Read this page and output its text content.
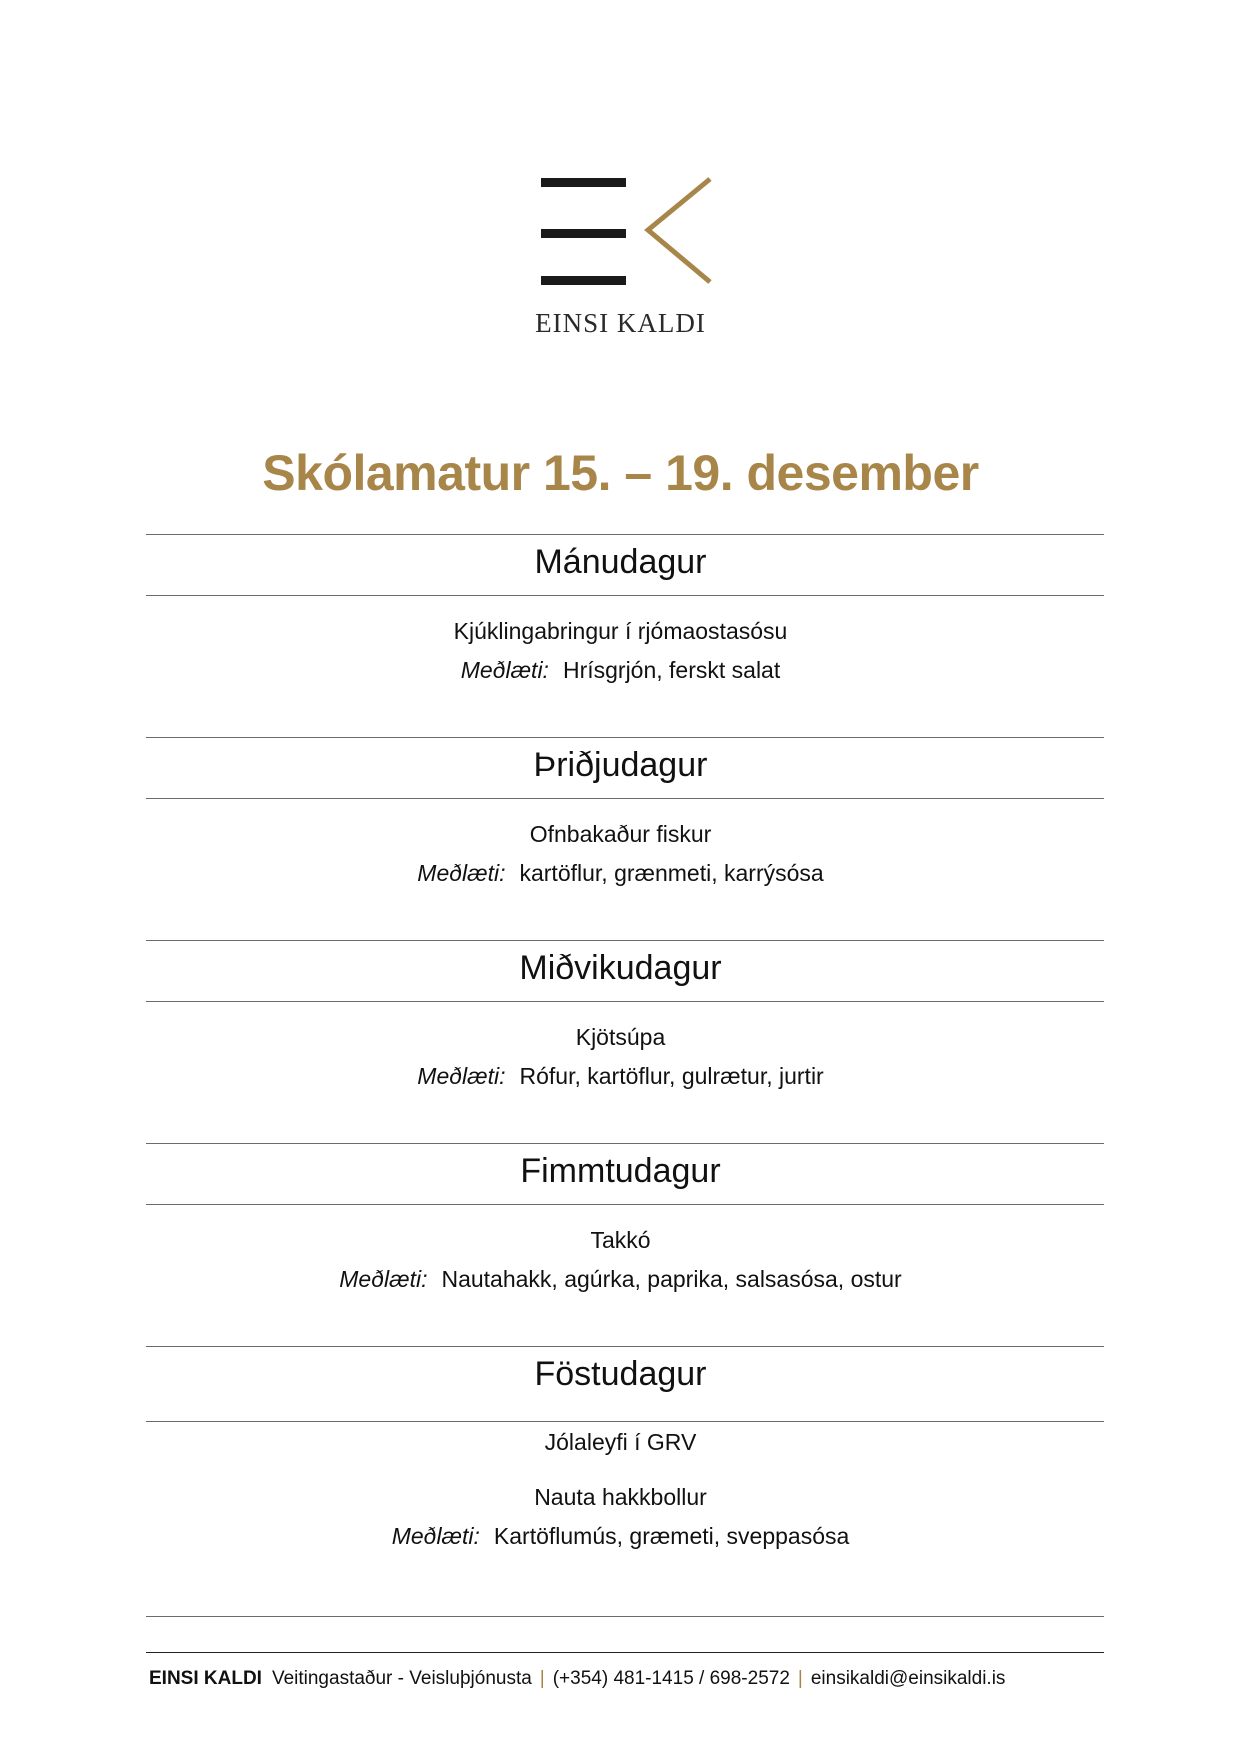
EINSI KALDI
Skólamatur 15. – 19. desember
Mánudagur
Kjúklingabringur í rjómaostasósu
Meðlæti: Hrísgrjón, ferskt salat
Þriðjudagur
Ofnbakaður fiskur
Meðlæti: kartöflur, grænmeti, karrýsósa
Miðvikudagur
Kjötsúpa
Meðlæti: Rófur, kartöflur, gulrætur, jurtir
Fimmtudagur
Takkó
Meðlæti: Nautahakk, agúrka, paprika, salsasósa, ostur
Föstudagur
Jólaleyfi í GRV
Nauta hakkbollur
Meðlæti: Kartöflumús, græmeti, sveppasósa
EINSI KALDI Veitingastaður - Veisluþjónusta | (+354) 481-1415 / 698-2572 | einsikaldi@einsikaldi.is
